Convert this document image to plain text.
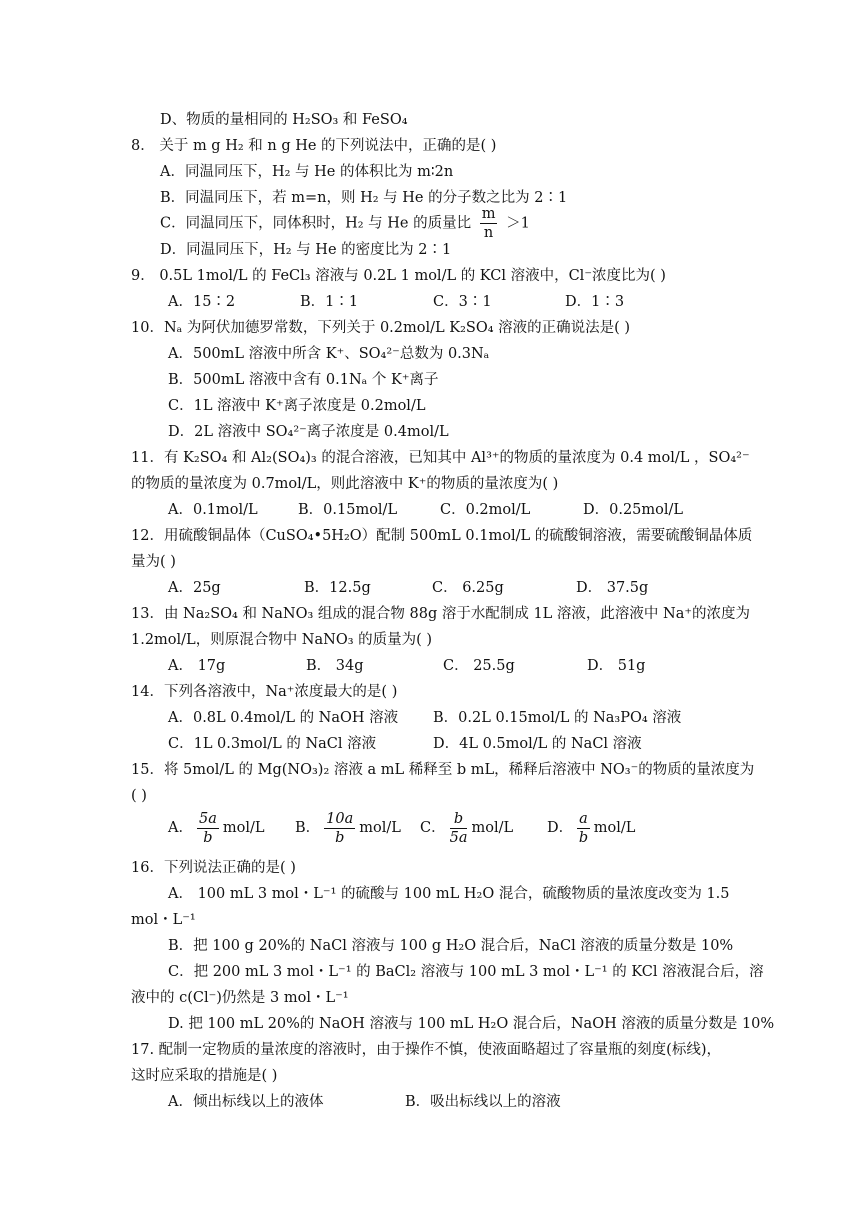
D、物质的量相同的 H₂SO₃ 和 FeSO₄
8． 关于 m g H₂ 和 n g He 的下列说法中，正确的是( )
A．同温同压下，H₂ 与 He 的体积比为 m∶2n
B．同温同压下，若 m=n，则 H₂ 与 He 的分子数之比为 2∶1
C．同温同压下，同体积时，H₂ 与 He 的质量比 $\frac{m}{n} >1$
D．同温同压下，H₂ 与 He 的密度比为 2∶1
9． 0.5L 1mol/L 的 FeCl₃ 溶液与 0.2L 1 mol/L 的 KCl 溶液中，Cl⁻浓度比为( )
A．15∶2	B．1∶1	C．3∶1	D．1∶3
10．Nₐ 为阿伏加德罗常数，下列关于 0.2mol/L K₂SO₄ 溶液的正确说法是( )
A．500mL 溶液中所含 K⁺、SO₄²⁻总数为 0.3Nₐ
B．500mL 溶液中含有 0.1Nₐ 个 K⁺离子
C．1L 溶液中 K⁺离子浓度是 0.2mol/L
D．2L 溶液中 SO₄²⁻离子浓度是 0.4mol/L
11．有 K₂SO₄ 和 Al₂(SO₄)₃ 的混合溶液，已知其中 Al³⁺的物质的量浓度为 0.4 mol/L ，SO₄²⁻
的物质的量浓度为 0.7mol/L，则此溶液中 K⁺的物质的量浓度为( )
A．0.1mol/L	B．0.15mol/L	C．0.2mol/L	D．0.25mol/L
12．用硫酸铜晶体（CuSO₄•5H₂O）配制 500mL 0.1mol/L 的硫酸铜溶液，需要硫酸铜晶体质
量为( )
A．25g	B．12.5g	C． 6.25g	D． 37.5g
13．由 Na₂SO₄ 和 NaNO₃ 组成的混合物 88g 溶于水配制成 1L 溶液，此溶液中 Na⁺的浓度为
1.2mol/L，则原混合物中 NaNO₃ 的质量为( )
A． 17g	B． 34g	C． 25.5g	D． 51g
14．下列各溶液中，Na⁺浓度最大的是( )
A．0.8L 0.4mol/L 的 NaOH 溶液 B．0.2L 0.15mol/L 的 Na₃PO₄ 溶液
C．1L 0.3mol/L 的 NaCl 溶液	D．4L 0.5mol/L 的 NaCl 溶液
15．将 5mol/L 的 Mg(NO₃)₂ 溶液 a mL 稀释至 b mL，稀释后溶液中 NO₃⁻的物质的量浓度为
( )
A． $\frac{5a}{b} mol/L$ B． $\frac{10a}{b} mol/L$ C． $\frac{b}{5a} mol/L$ D． $\frac{a}{b} mol/L$
16．下列说法正确的是( )
A． 100 mL 3 mol・L⁻¹ 的硫酸与 100 mL H₂O 混合，硫酸物质的量浓度改变为 1.5
mol・L⁻¹
B．把 100 g 20%的 NaCl 溶液与 100 g H₂O 混合后，NaCl 溶液的质量分数是 10%
C．把 200 mL 3 mol・L⁻¹ 的 BaCl₂ 溶液与 100 mL 3 mol・L⁻¹ 的 KCl 溶液混合后，溶
液中的 c(Cl⁻)仍然是 3 mol・L⁻¹
D. 把 100 mL 20%的 NaOH 溶液与 100 mL H₂O 混合后，NaOH 溶液的质量分数是 10%
17. 配制一定物质的量浓度的溶液时，由于操作不慎，使液面略超过了容量瓶的刻度(标线)，
这时应采取的措施是( )
A．倾出标线以上的液体	B．吸出标线以上的溶液
